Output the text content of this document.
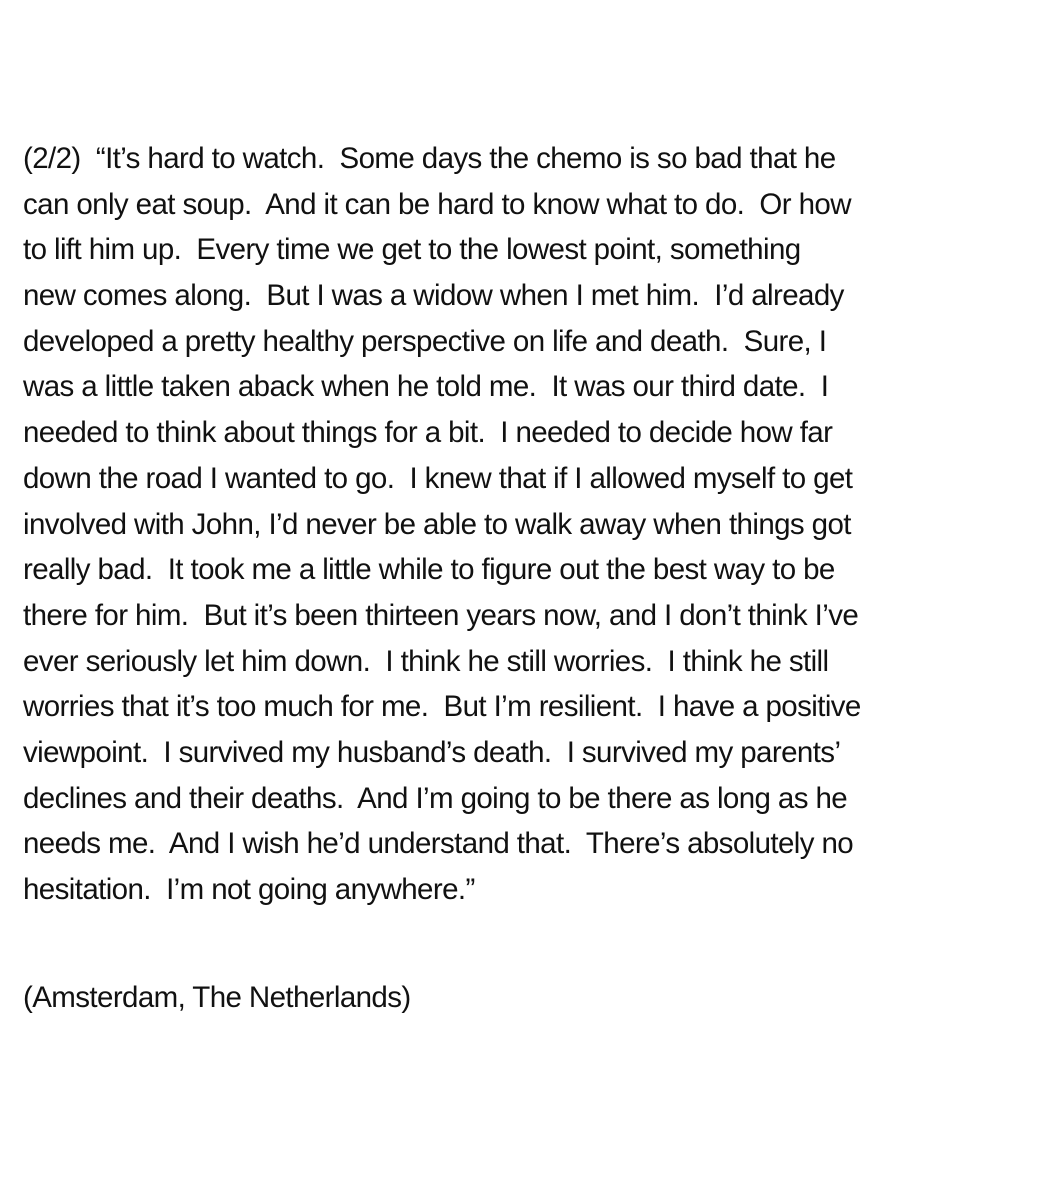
(2/2)  “It’s hard to watch.  Some days the chemo is so bad that he
can only eat soup.  And it can be hard to know what to do.  Or how
to lift him up.  Every time we get to the lowest point, something
new comes along.  But I was a widow when I met him.  I’d already
developed a pretty healthy perspective on life and death.  Sure, I
was a little taken aback when he told me.  It was our third date.  I
needed to think about things for a bit.  I needed to decide how far
down the road I wanted to go.  I knew that if I allowed myself to get
involved with John, I’d never be able to walk away when things got
really bad.  It took me a little while to figure out the best way to be
there for him.  But it’s been thirteen years now, and I don’t think I’ve
ever seriously let him down.  I think he still worries.  I think he still
worries that it’s too much for me.  But I’m resilient.  I have a positive
viewpoint.  I survived my husband’s death.  I survived my parents’
declines and their deaths.  And I’m going to be there as long as he
needs me.  And I wish he’d understand that.  There’s absolutely no
hesitation.  I’m not going anywhere.”
(Amsterdam, The Netherlands)
